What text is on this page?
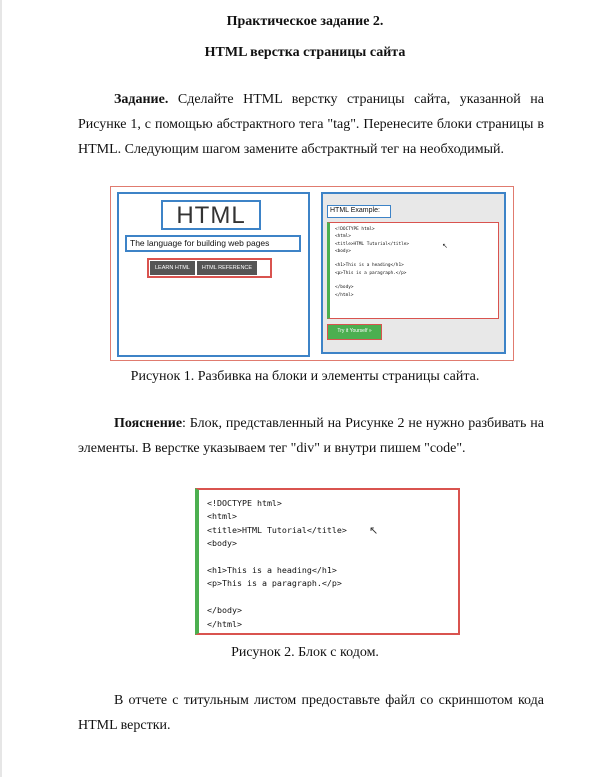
Практическое задание 2.
HTML верстка страницы сайта
Задание. Сделайте HTML верстку страницы сайта, указанной на
Рисунке 1, с помощью абстрактного тега "tag". Перенесите блоки страницы в
HTML. Следующим шагом замените абстрактный тег на необходимый.
HTML
The language for building web pages
LEARN HTML HTML REFERENCE
HTML Example:
<!DOCTYPE html>
<html>
<title>HTML Tutorial</title>
<body>
<h1>This is a heading</h1>
<p>This is a paragraph.</p>
</body>
</html>
↖
Try it Yourself »
Рисунок 1. Разбивка на блоки и элементы страницы сайта.
Пояснение: Блок, представленный на Рисунке 2 не нужно разбивать на
элементы. В верстке указываем тег "div" и внутри пишем "code".
<!DOCTYPE html>
<html>
<title>HTML Tutorial</title>
<body>
<h1>This is a heading</h1>
<p>This is a paragraph.</p>
</body>
</html>
↖
Рисунок 2. Блок с кодом.
В отчете с титульным листом предоставьте файл со скриншотом кода
HTML верстки.
